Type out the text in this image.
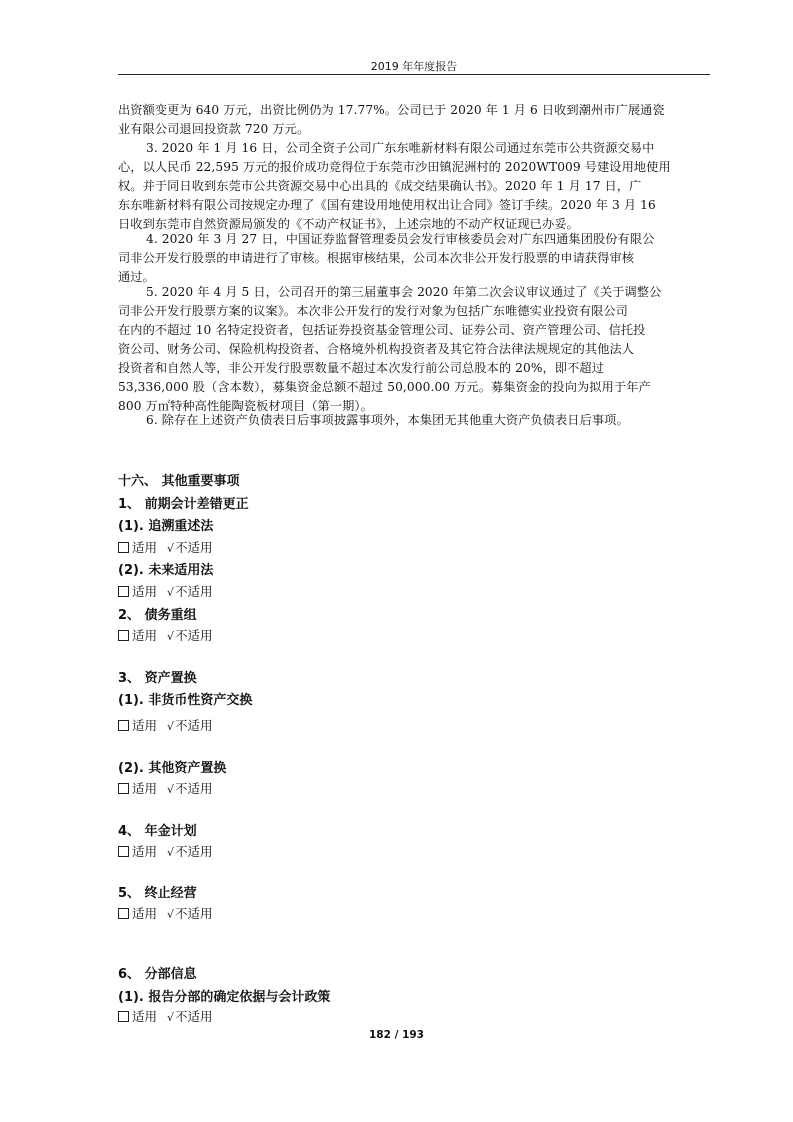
2019 年年度报告
出资额变更为 640 万元，出资比例仍为 17.77%。公司已于 2020 年 1 月 6 日收到潮州市广展通瓷
业有限公司退回投资款 720 万元。
3. 2020 年 1 月 16 日，公司全资子公司广东东唯新材料有限公司通过东莞市公共资源交易中
心，以人民币 22,595 万元的报价成功竞得位于东莞市沙田镇泥洲村的 2020WT009 号建设用地使用
权。并于同日收到东莞市公共资源交易中心出具的《成交结果确认书》。2020 年 1 月 17 日，广
东东唯新材料有限公司按规定办理了《国有建设用地使用权出让合同》签订手续。2020 年 3 月 16
日收到东莞市自然资源局颁发的《不动产权证书》，上述宗地的不动产权证现已办妥。
4. 2020 年 3 月 27 日，中国证券监督管理委员会发行审核委员会对广东四通集团股份有限公
司非公开发行股票的申请进行了审核。根据审核结果，公司本次非公开发行股票的申请获得审核
通过。
5. 2020 年 4 月 5 日，公司召开的第三届董事会 2020 年第二次会议审议通过了《关于调整公
司非公开发行股票方案的议案》。本次非公开发行的发行对象为包括广东唯德实业投资有限公司
在内的不超过 10 名特定投资者，包括证券投资基金管理公司、证券公司、资产管理公司、信托投
资公司、财务公司、保险机构投资者、合格境外机构投资者及其它符合法律法规规定的其他法人
投资者和自然人等，非公开发行股票数量不超过本次发行前公司总股本的 20%，即不超过
53,336,000 股（含本数），募集资金总额不超过 50,000.00 万元。募集资金的投向为拟用于年产
800 万㎡特种高性能陶瓷板材项目（第一期）。
6. 除存在上述资产负债表日后事项披露事项外，本集团无其他重大资产负债表日后事项。
十六、 其他重要事项
1、 前期会计差错更正
(1). 追溯重述法
适用 √不适用
(2). 未来适用法
适用 √不适用
2、 债务重组
适用 √不适用
3、 资产置换
(1). 非货币性资产交换
适用 √不适用
(2). 其他资产置换
适用 √不适用
4、 年金计划
适用 √不适用
5、 终止经营
适用 √不适用
6、 分部信息
(1). 报告分部的确定依据与会计政策
适用 √不适用
182 / 193
